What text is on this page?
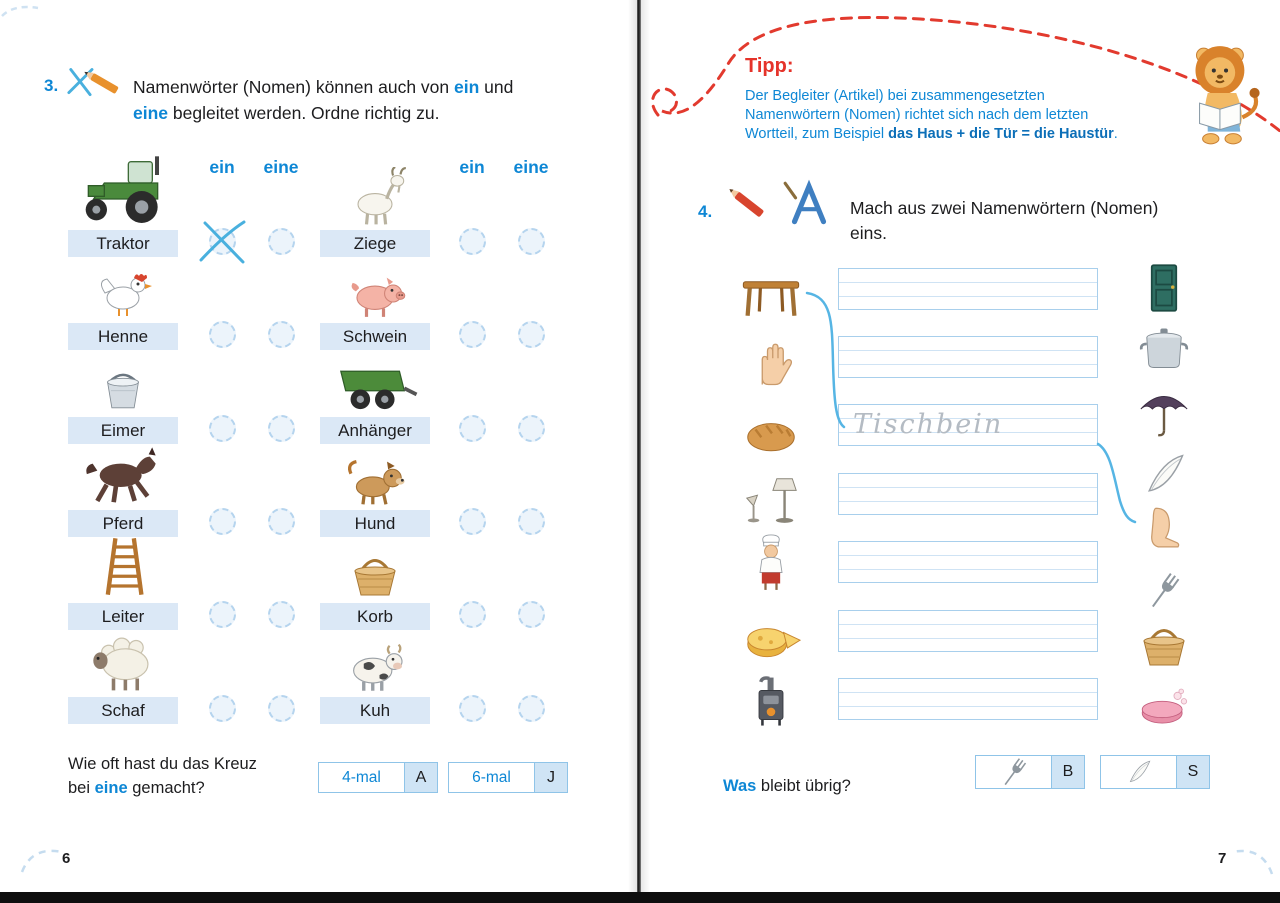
3.	Namenwörter (Nomen) können auch von ein und
eine begleitet werden. Ordne richtig zu.
ein	eine	ein	eine
Traktor
Henne
Eimer
Pferd
Leiter
Schaf
Ziege
Schwein
Anhänger
Hund
Korb
Kuh
Wie oft hast du das Kreuz
bei eine gemacht?
4-mal	A	6-mal	J
6
Tipp:
Der Begleiter (Artikel) bei zusammengesetzten
Namenwörtern (Nomen) richtet sich nach dem letzten
Wortteil, zum Beispiel das Haus + die Tür = die Haustür.
4.	Mach aus zwei Namenwörtern (Nomen)
eins.
Tischbein
Was bleibt übrig?
B	S
7
